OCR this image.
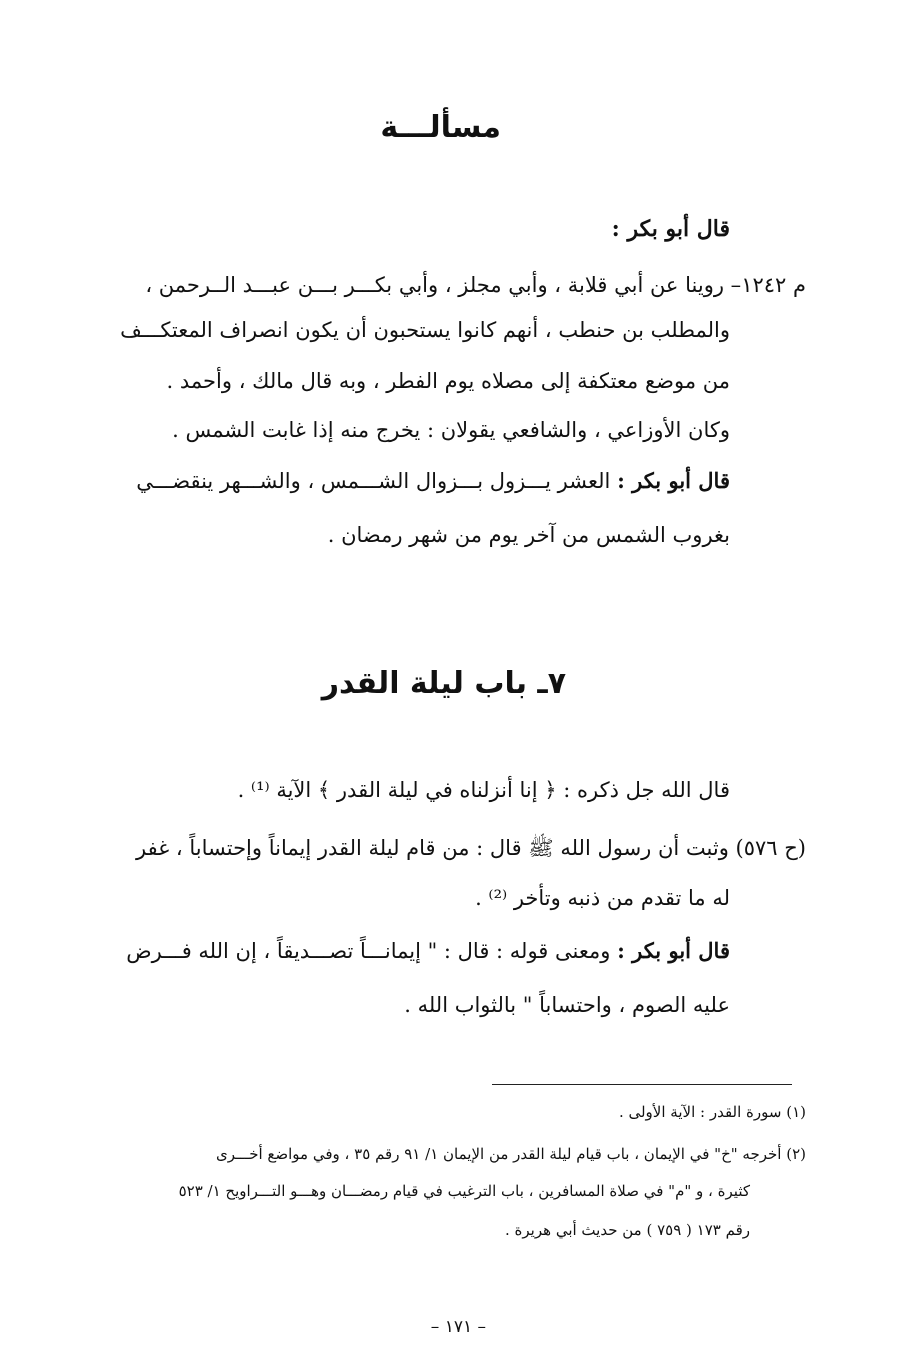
مسألـــة
قال أبو بكر :
م ١٢٤٢– روينا عن أبي قلابة ، وأبي مجلز ، وأبي بكـــر بـــن عبـــد الــرحمن ،
والمطلب بن حنطب ، أنهم كانوا يستحبون أن يكون انصراف المعتكـــف
من موضع معتكفة إلى مصلاه يوم الفطر ، وبه قال مالك ، وأحمد .
وكان الأوزاعي ، والشافعي يقولان : يخرج منه إذا غابت الشمس .
قال أبو بكر : العشر يـــزول بـــزوال الشـــمس ، والشـــهر ينقضـــي
بغروب الشمس من آخر يوم من شهر رمضان .
٧ـ باب ليلة القدر
قال الله جل ذكره : ﴿ إنا أنزلناه في ليلة القدر ﴾ الآية ⁽¹⁾ .
(ح ٥٧٦) وثبت أن رسول الله ﷺ قال : من قام ليلة القدر إيماناً وإحتساباً ، غفر
له ما تقدم من ذنبه وتأخر ⁽²⁾ .
قال أبو بكر : ومعنى قوله : قال : " إيمانـــاً تصـــديقاً ، إن الله فـــرض
عليه الصوم ، واحتساباً " بالثواب الله .
(١) سورة القدر : الآية الأولى .
(٢) أخرجه "خ" في الإيمان ، باب قيام ليلة القدر من الإيمان ١/ ٩١ رقم ٣٥ ، وفي مواضع أخـــرى
كثيرة ، و "م" في صلاة المسافرين ، باب الترغيب في قيام رمضـــان وهـــو التـــراويح ١/ ٥٢٣
رقم ١٧٣ ( ٧٥٩ ) من حديث أبي هريرة .
– ١٧١ –
